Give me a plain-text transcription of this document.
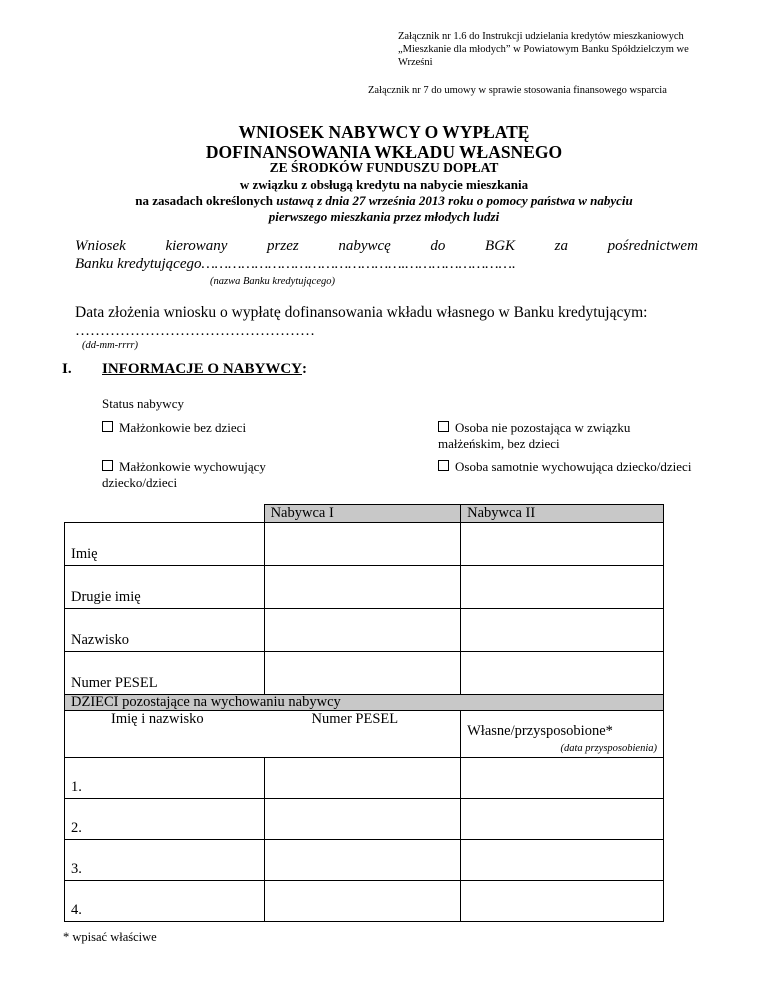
Załącznik nr 1.6 do Instrukcji udzielania kredytów mieszkaniowych „Mieszkanie dla młodych” w Powiatowym Banku Spółdzielczym we Wrześni
Załącznik nr 7 do umowy w sprawie stosowania finansowego wsparcia
WNIOSEK NABYWCY O WYPŁATĘ
DOFINANSOWANIA WKŁADU WŁASNEGO
ZE ŚRODKÓW FUNDUSZU DOPŁAT
w związku z obsługą kredytu na nabycie mieszkania
na zasadach określonych ustawą z dnia 27 września 2013 roku o pomocy państwa w nabyciu
pierwszego mieszkania przez młodych ludzi
Wniosek	kierowany	przez	nabywcę	do	BGK	za	pośrednictwem
Banku kredytującego……………………………………….…………………….
(nazwa Banku kredytującego)
Data złożenia wniosku o wypłatę dofinansowania wkładu własnego w Banku kredytującym:
…………………………………………
(dd-mm-rrrr)
I. INFORMACJE O NABYWCY:
Status nabywcy
Małżonkowie bez dzieci	Osoba nie pozostająca w związku małżeńskim, bez dzieci
Małżonkowie wychowujący dziecko/dzieci
Osoba samotnie wychowująca dziecko/dzieci
	Nabywca I	Nabywca II
Imię		
Drugie imię		
Nazwisko		
Numer PESEL		
DZIECI pozostające na wychowaniu nabywcy		
Imię i nazwisko Numer PESEL		Własne/przysposobione*
(data przysposobienia)

1.		
2.		
3.		
4.		
* wpisać właściwe
